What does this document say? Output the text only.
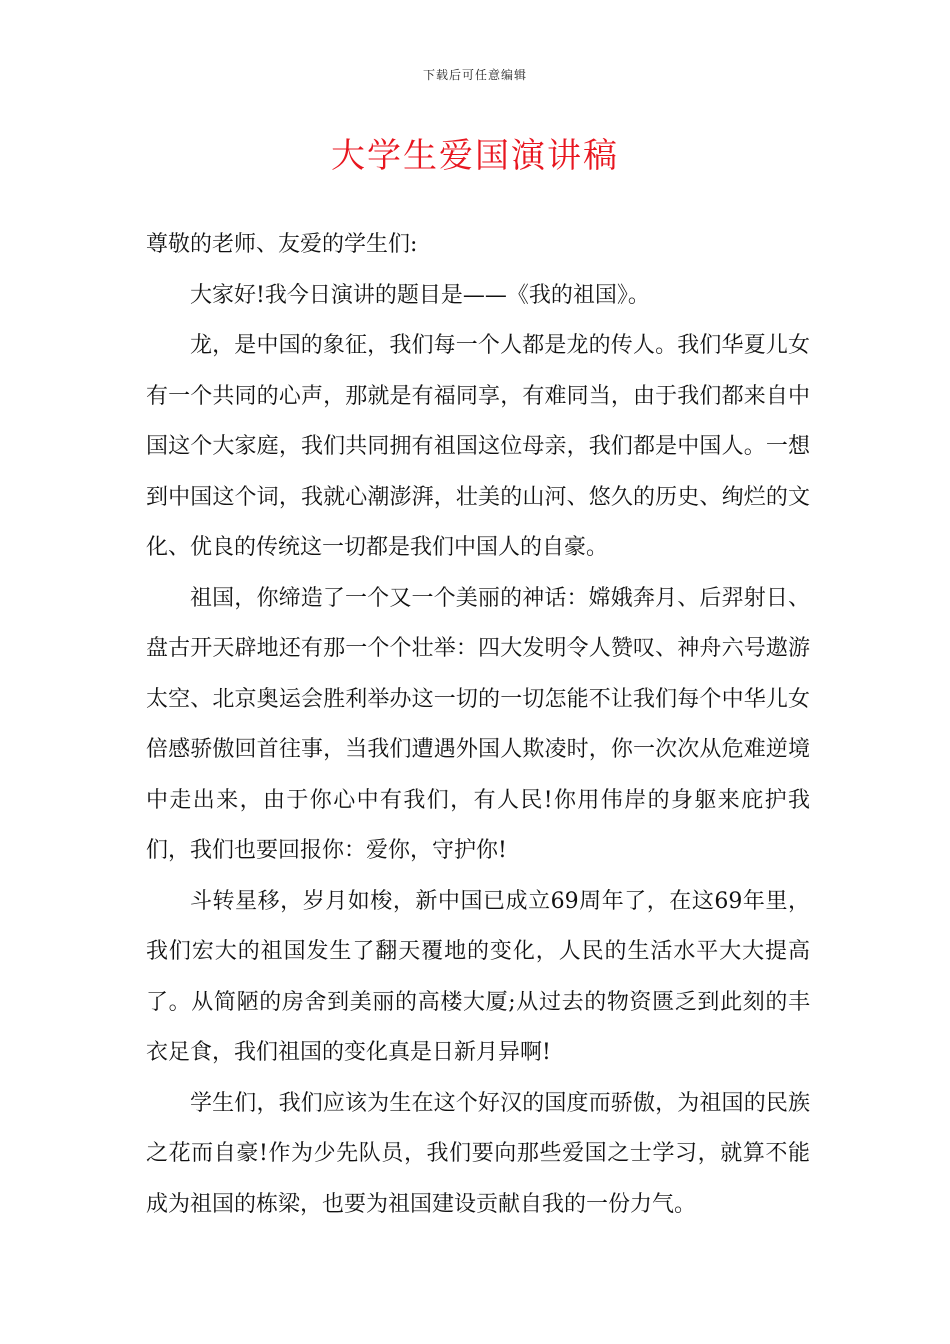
下载后可任意编辑
大学生爱国演讲稿

尊敬的老师、友爱的学生们:

大家好!我今日演讲的题目是——《我的祖国》。

龙，是中国的象征，我们每一个人都是龙的传人。我们华夏儿女有一个共同的心声，那就是有福同享，有难同当，由于我们都来自中国这个大家庭，我们共同拥有祖国这位母亲，我们都是中国人。一想到中国这个词，我就心潮澎湃，壮美的山河、悠久的历史、绚烂的文化、优良的传统这一切都是我们中国人的自豪。

祖国，你缔造了一个又一个美丽的神话：嫦娥奔月、后羿射日、盘古开天辟地还有那一个个壮举：四大发明令人赞叹、神舟六号遨游太空、北京奥运会胜利举办这一切的一切怎能不让我们每个中华儿女倍感骄傲回首往事，当我们遭遇外国人欺凌时，你一次次从危难逆境中走出来，由于你心中有我们，有人民!你用伟岸的身躯来庇护我们，我们也要回报你：爱你，守护你!

斗转星移，岁月如梭，新中国已成立69周年了，在这69年里，我们宏大的祖国发生了翻天覆地的变化，人民的生活水平大大提高了。从简陋的房舍到美丽的高楼大厦;从过去的物资匮乏到此刻的丰衣足食，我们祖国的变化真是日新月异啊!

学生们，我们应该为生在这个好汉的国度而骄傲，为祖国的民族之花而自豪!作为少先队员，我们要向那些爱国之士学习，就算不能成为祖国的栋梁，也要为祖国建设贡献自我的一份力气。
